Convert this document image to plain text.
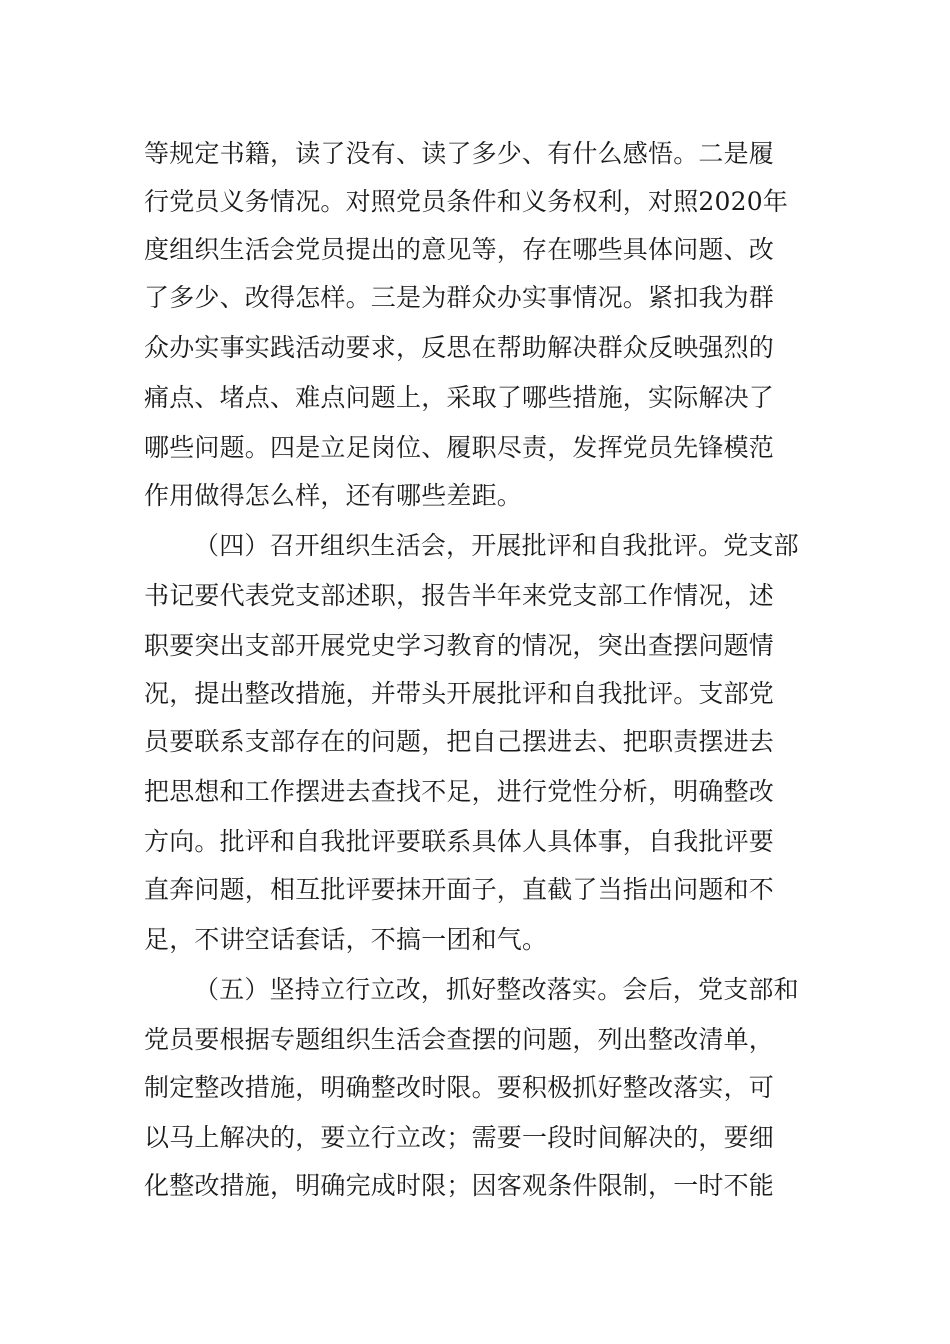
等规定书籍，读了没有、读了多少、有什么感悟。二是履
行党员义务情况。对照党员条件和义务权利，对照2020年
度组织生活会党员提出的意见等，存在哪些具体问题、改
了多少、改得怎样。三是为群众办实事情况。紧扣我为群
众办实事实践活动要求，反思在帮助解决群众反映强烈的
痛点、堵点、难点问题上，采取了哪些措施，实际解决了
哪些问题。四是立足岗位、履职尽责，发挥党员先锋模范
作用做得怎么样，还有哪些差距。
（四）召开组织生活会，开展批评和自我批评。党支部
书记要代表党支部述职，报告半年来党支部工作情况，述
职要突出支部开展党史学习教育的情况，突出查摆问题情
况，提出整改措施，并带头开展批评和自我批评。支部党
员要联系支部存在的问题，把自己摆进去、把职责摆进去
把思想和工作摆进去查找不足，进行党性分析，明确整改
方向。批评和自我批评要联系具体人具体事，自我批评要
直奔问题，相互批评要抹开面子，直截了当指出问题和不
足，不讲空话套话，不搞一团和气。
（五）坚持立行立改，抓好整改落实。会后，党支部和
党员要根据专题组织生活会查摆的问题，列出整改清单，
制定整改措施，明确整改时限。要积极抓好整改落实，可
以马上解决的，要立行立改；需要一段时间解决的，要细
化整改措施，明确完成时限；因客观条件限制，一时不能
